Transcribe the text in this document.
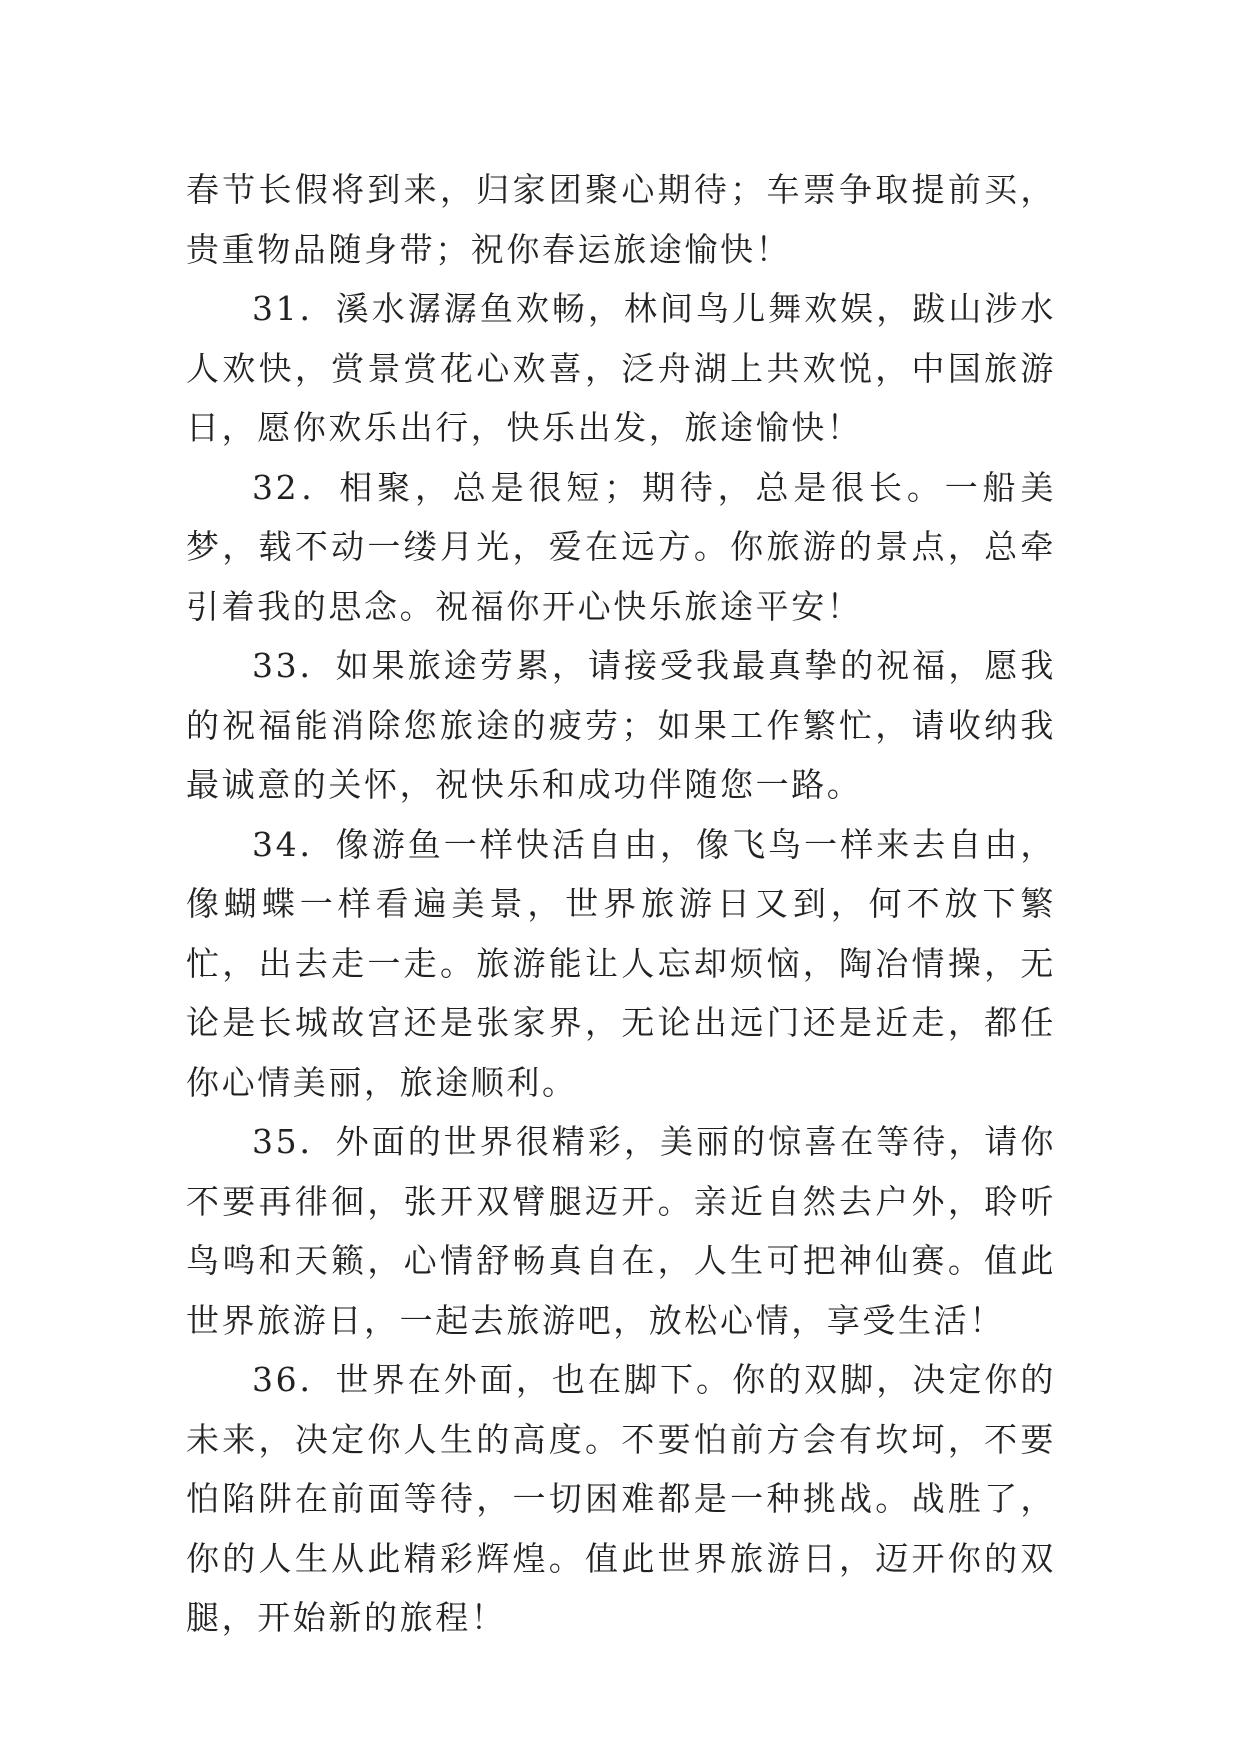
春节长假将到来，归家团聚心期待；车票争取提前买，贵重物品随身带；祝你春运旅途愉快！

31．溪水潺潺鱼欢畅，林间鸟儿舞欢娱，跋山涉水人欢快，赏景赏花心欢喜，泛舟湖上共欢悦，中国旅游日，愿你欢乐出行，快乐出发，旅途愉快！

32．相聚，总是很短；期待，总是很长。一船美梦，载不动一缕月光，爱在远方。你旅游的景点，总牵引着我的思念。祝福你开心快乐旅途平安！

33．如果旅途劳累，请接受我最真挚的祝福，愿我的祝福能消除您旅途的疲劳；如果工作繁忙，请收纳我最诚意的关怀，祝快乐和成功伴随您一路。

34．像游鱼一样快活自由，像飞鸟一样来去自由，像蝴蝶一样看遍美景，世界旅游日又到，何不放下繁忙，出去走一走。旅游能让人忘却烦恼，陶冶情操，无论是长城故宫还是张家界，无论出远门还是近走，都任你心情美丽，旅途顺利。

35．外面的世界很精彩，美丽的惊喜在等待，请你不要再徘徊，张开双臂腿迈开。亲近自然去户外，聆听鸟鸣和天籁，心情舒畅真自在，人生可把神仙赛。值此世界旅游日，一起去旅游吧，放松心情，享受生活！

36．世界在外面，也在脚下。你的双脚，决定你的未来，决定你人生的高度。不要怕前方会有坎坷，不要怕陷阱在前面等待，一切困难都是一种挑战。战胜了，你的人生从此精彩辉煌。值此世界旅游日，迈开你的双腿，开始新的旅程！
